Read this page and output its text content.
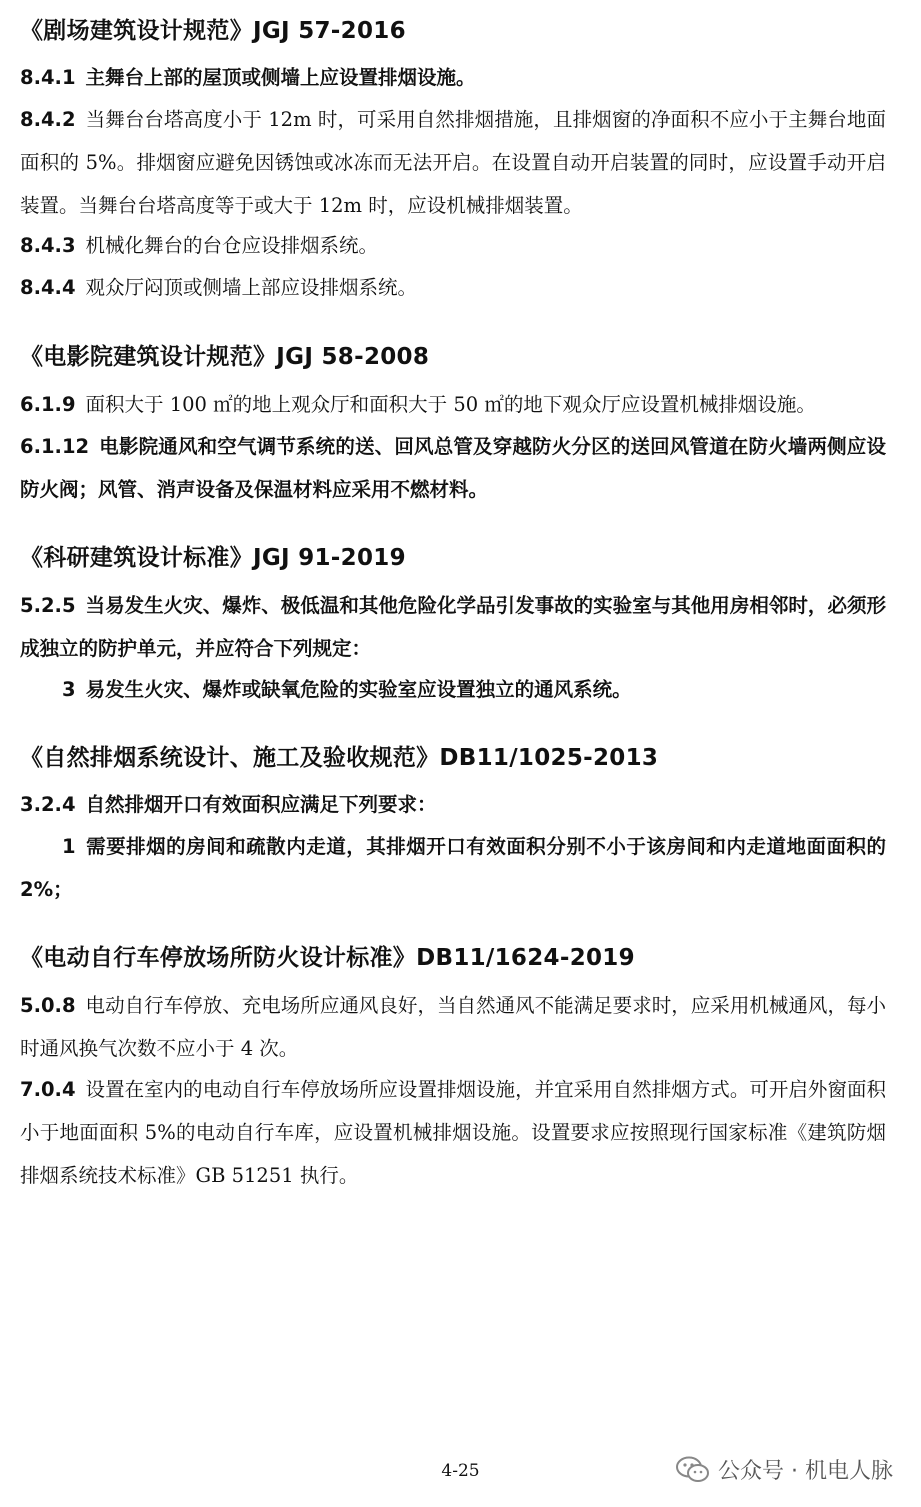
《剧场建筑设计规范》JGJ 57-2016
8.4.1 主舞台上部的屋顶或侧墙上应设置排烟设施。
8.4.2 当舞台台塔高度小于 12m 时，可采用自然排烟措施，且排烟窗的净面积不应小于主舞台地面面积的 5%。排烟窗应避免因锈蚀或冰冻而无法开启。在设置自动开启装置的同时，应设置手动开启装置。当舞台台塔高度等于或大于 12m 时，应设机械排烟装置。
8.4.3 机械化舞台的台仓应设排烟系统。
8.4.4 观众厅闷顶或侧墙上部应设排烟系统。
《电影院建筑设计规范》JGJ 58-2008
6.1.9 面积大于 100 ㎡的地上观众厅和面积大于 50 ㎡的地下观众厅应设置机械排烟设施。
6.1.12 电影院通风和空气调节系统的送、回风总管及穿越防火分区的送回风管道在防火墙两侧应设防火阀；风管、消声设备及保温材料应采用不燃材料。
《科研建筑设计标准》JGJ 91-2019
5.2.5 当易发生火灾、爆炸、极低温和其他危险化学品引发事故的实验室与其他用房相邻时，必须形成独立的防护单元，并应符合下列规定：
3 易发生火灾、爆炸或缺氧危险的实验室应设置独立的通风系统。
《自然排烟系统设计、施工及验收规范》DB11/1025-2013
3.2.4 自然排烟开口有效面积应满足下列要求：
1 需要排烟的房间和疏散内走道，其排烟开口有效面积分别不小于该房间和内走道地面面积的 2%；
《电动自行车停放场所防火设计标准》DB11/1624-2019
5.0.8 电动自行车停放、充电场所应通风良好，当自然通风不能满足要求时，应采用机械通风，每小时通风换气次数不应小于 4 次。
7.0.4 设置在室内的电动自行车停放场所应设置排烟设施，并宜采用自然排烟方式。可开启外窗面积小于地面面积 5%的电动自行车库，应设置机械排烟设施。设置要求应按照现行国家标准《建筑防烟排烟系统技术标准》GB 51251 执行。
4-25	公众号 · 机电人脉
